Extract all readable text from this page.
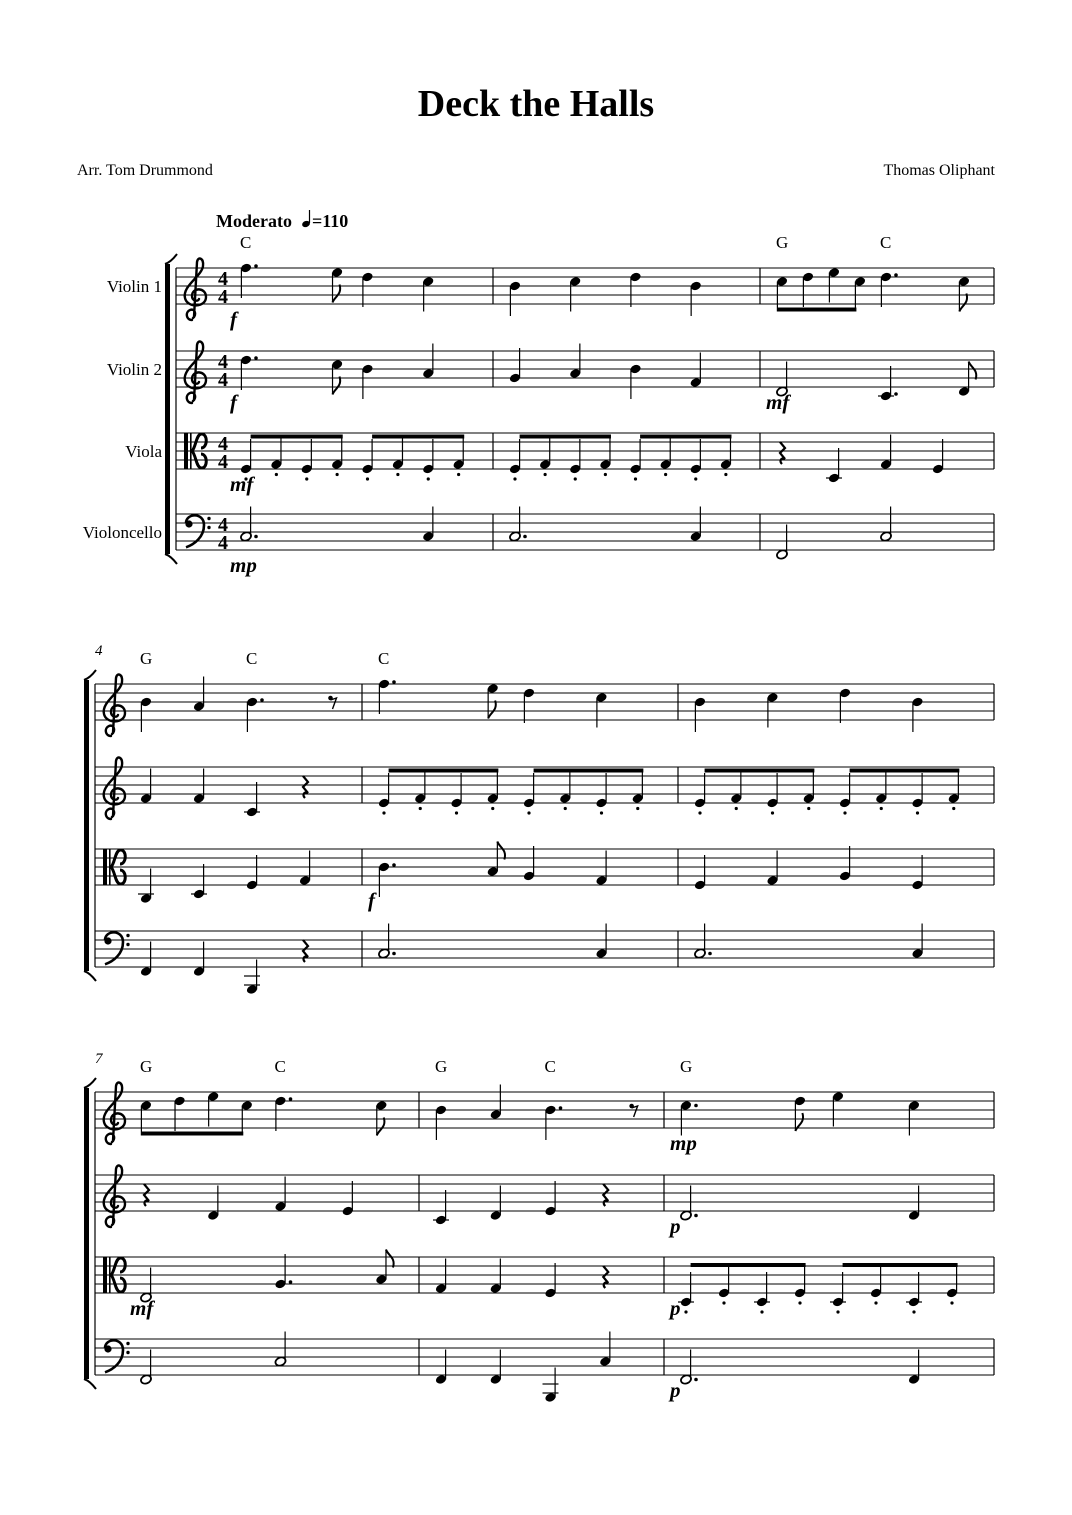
Deck the Halls
Arr. Tom Drummond	Thomas Oliphant
Violin 1	4
4
Violin 2	4
4
Viola	4
4
Violoncello	4
4
Moderato =110
C
f
f
mf
mp
G	C
mf
4 G	C	C
f
7 G	C
mf
G	C	G
mp
p
p
p
